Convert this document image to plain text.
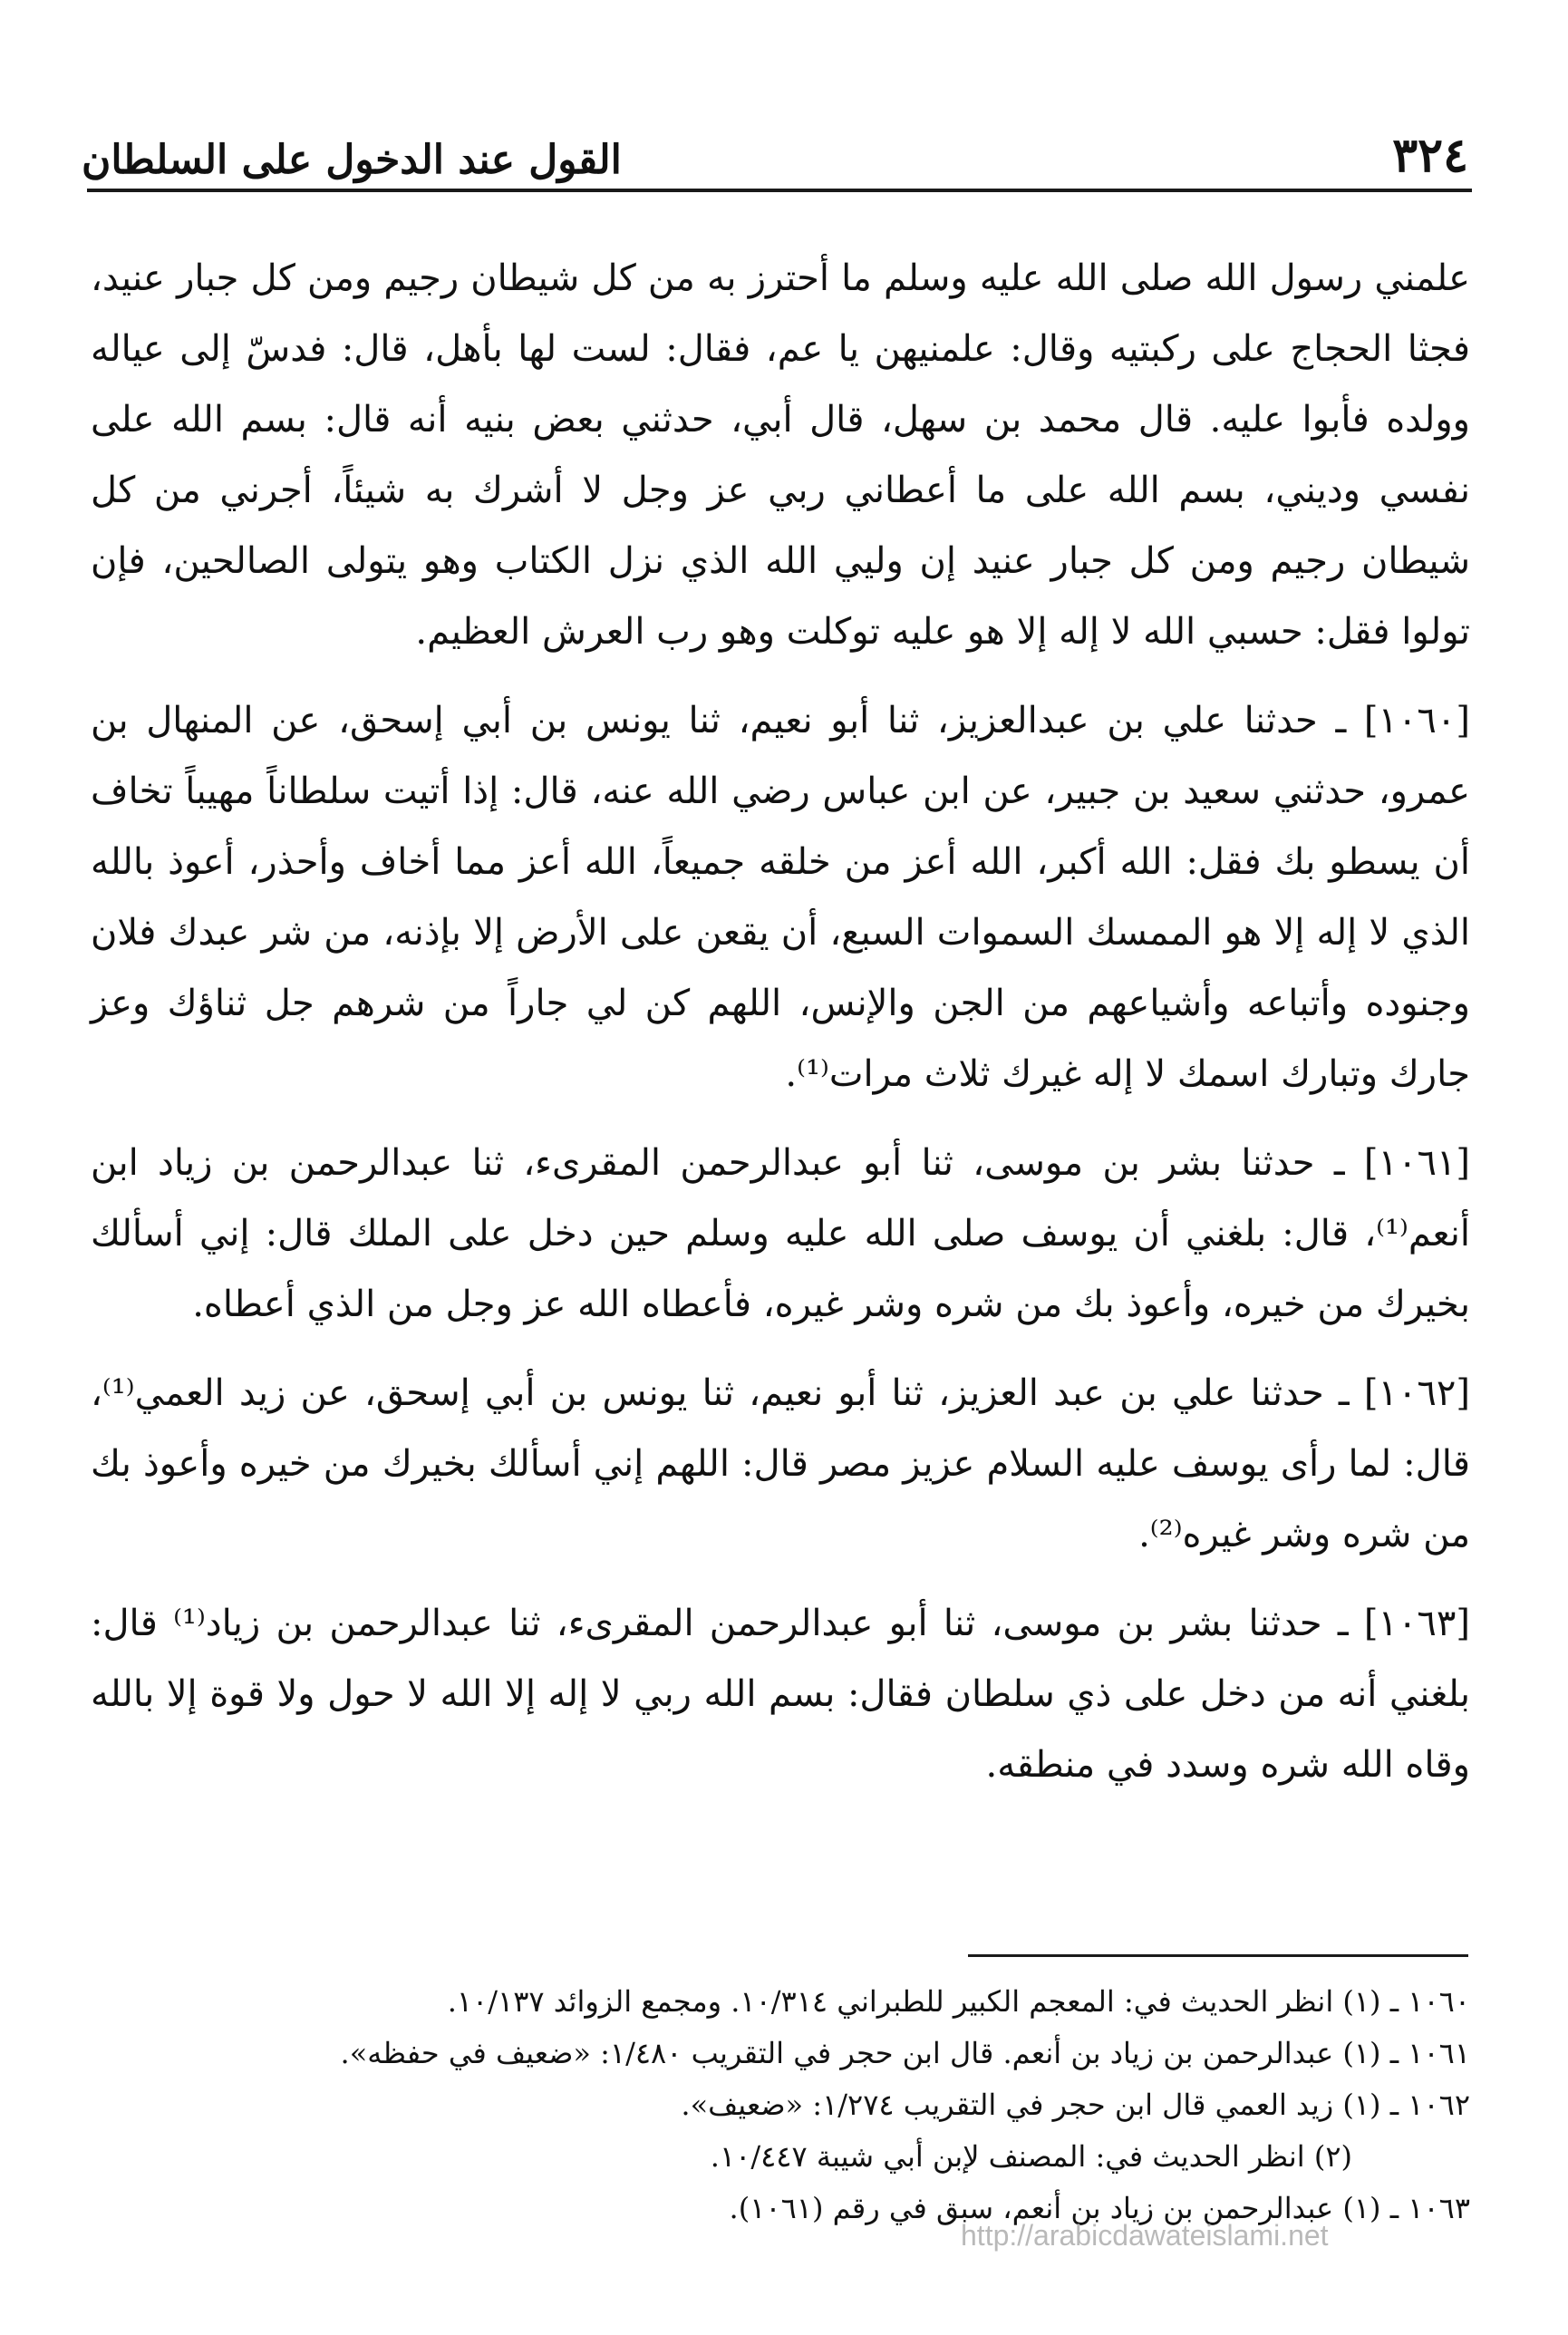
٣٢٤
القول عند الدخول على السلطان

علمني رسول الله صلى الله عليه وسلم ما أحترز به من كل شيطان رجيم ومن كل جبار عنيد، فجثا الحجاج على ركبتيه وقال: علمنيهن يا عم، فقال: لست لها بأهل، قال: فدسّ إلى عياله وولده فأبوا عليه. قال محمد بن سهل، قال أبي، حدثني بعض بنيه أنه قال: بسم الله على نفسي وديني، بسم الله على ما أعطاني ربي عز وجل لا أشرك به شيئاً، أجرني من كل شيطان رجيم ومن كل جبار عنيد إن وليي الله الذي نزل الكتاب وهو يتولى الصالحين، فإن تولوا فقل: حسبي الله لا إله إلا هو عليه توكلت وهو رب العرش العظيم.

[١٠٦٠] ـ حدثنا علي بن عبدالعزيز، ثنا أبو نعيم، ثنا يونس بن أبي إسحق، عن المنهال بن عمرو، حدثني سعيد بن جبير، عن ابن عباس رضي الله عنه، قال: إذا أتيت سلطاناً مهيباً تخاف أن يسطو بك فقل: الله أكبر، الله أعز من خلقه جميعاً، الله أعز مما أخاف وأحذر، أعوذ بالله الذي لا إله إلا هو الممسك السموات السبع، أن يقعن على الأرض إلا بإذنه، من شر عبدك فلان وجنوده وأتباعه وأشياعهم من الجن والإنس، اللهم كن لي جاراً من شرهم جل ثناؤك وعز جارك وتبارك اسمك لا إله غيرك ثلاث مرات⁽¹⁾.

[١٠٦١] ـ حدثنا بشر بن موسى، ثنا أبو عبدالرحمن المقرىء، ثنا عبدالرحمن بن زياد ابن أنعم⁽¹⁾، قال: بلغني أن يوسف صلى الله عليه وسلم حين دخل على الملك قال: إني أسألك بخيرك من خيره، وأعوذ بك من شره وشر غيره، فأعطاه الله عز وجل من الذي أعطاه.

[١٠٦٢] ـ حدثنا علي بن عبد العزيز، ثنا أبو نعيم، ثنا يونس بن أبي إسحق، عن زيد العمي⁽¹⁾، قال: لما رأى يوسف عليه السلام عزيز مصر قال: اللهم إني أسألك بخيرك من خيره وأعوذ بك من شره وشر غيره⁽²⁾.

[١٠٦٣] ـ حدثنا بشر بن موسى، ثنا أبو عبدالرحمن المقرىء، ثنا عبدالرحمن بن زياد⁽¹⁾ قال: بلغني أنه من دخل على ذي سلطان فقال: بسم الله ربي لا إله إلا الله لا حول ولا قوة إلا بالله وقاه الله شره وسدد في منطقه.

١٠٦٠ ـ (١) انظر الحديث في: المعجم الكبير للطبراني ١٠/٣١٤. ومجمع الزوائد ١٠/١٣٧.
١٠٦١ ـ (١) عبدالرحمن بن زياد بن أنعم. قال ابن حجر في التقريب ١/٤٨٠: «ضعيف في حفظه».
١٠٦٢ ـ (١) زيد العمي قال ابن حجر في التقريب ١/٢٧٤: «ضعيف».
(٢) انظر الحديث في: المصنف لإبن أبي شيبة ١٠/٤٤٧.
١٠٦٣ ـ (١) عبدالرحمن بن زياد بن أنعم، سبق في رقم (١٠٦١).
http://arabicdawateislami.net
